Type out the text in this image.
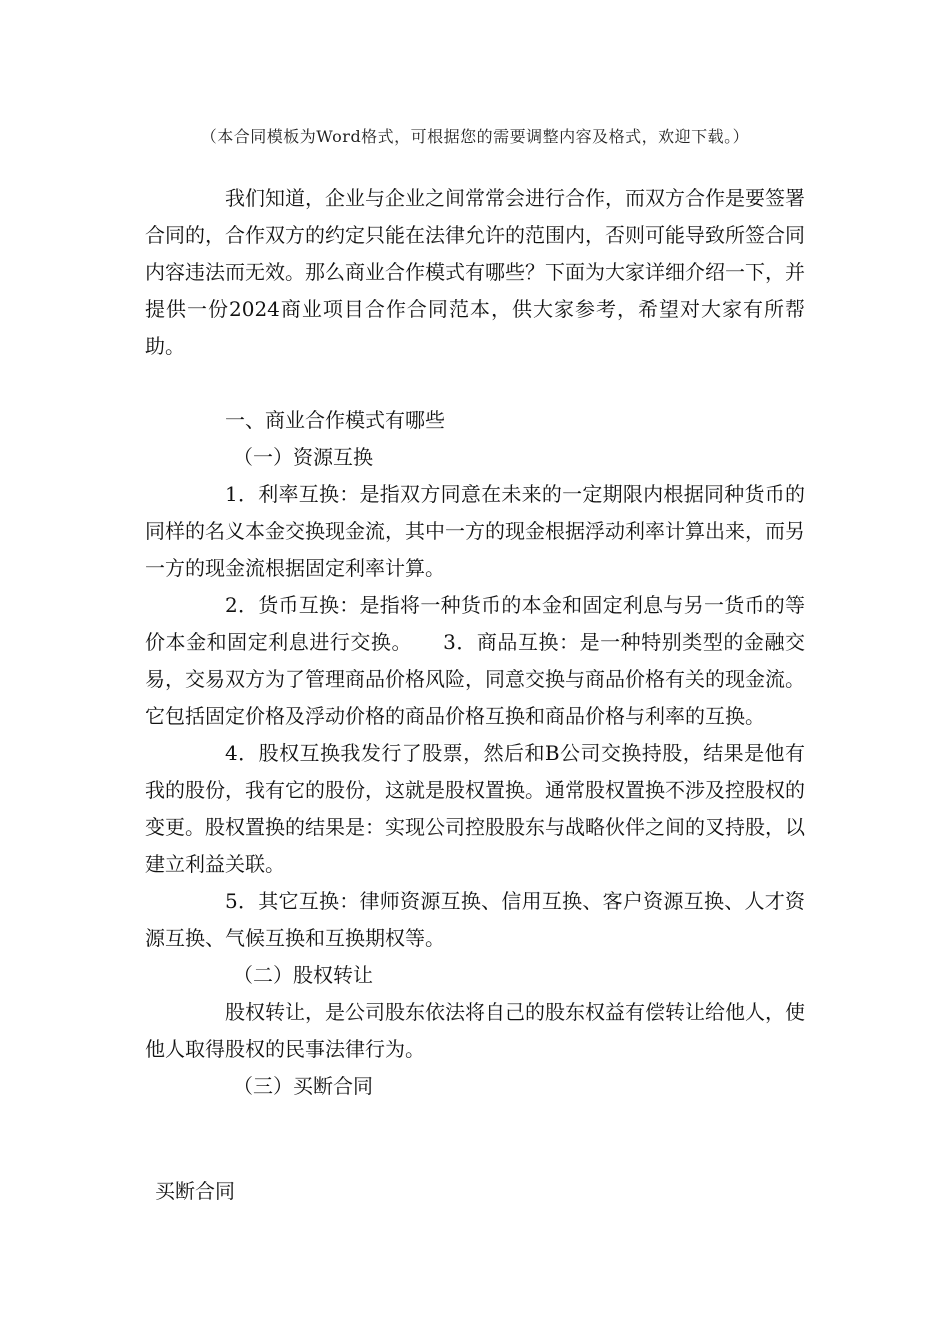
（本合同模板为Word格式，可根据您的需要调整内容及格式，欢迎下载。）

我们知道，企业与企业之间常常会进行合作，而双方合作是要签署合同的，合作双方的约定只能在法律允许的范围内，否则可能导致所签合同内容违法而无效。那么商业合作模式有哪些？下面为大家详细介绍一下，并提供一份2024商业项目合作合同范本，供大家参考，希望对大家有所帮助。

一、商业合作模式有哪些

（一）资源互换

1．利率互换：是指双方同意在未来的一定期限内根据同种货币的同样的名义本金交换现金流，其中一方的现金根据浮动利率计算出来，而另一方的现金流根据固定利率计算。

2．货币互换：是指将一种货币的本金和固定利息与另一货币的等价本金和固定利息进行交换。　　3．商品互换：是一种特别类型的金融交易，交易双方为了管理商品价格风险，同意交换与商品价格有关的现金流。它包括固定价格及浮动价格的商品价格互换和商品价格与利率的互换。

4．股权互换我发行了股票，然后和B公司交换持股，结果是他有我的股份，我有它的股份，这就是股权置换。通常股权置换不涉及控股权的变更。股权置换的结果是：实现公司控股股东与战略伙伴之间的叉持股，以建立利益关联。

5．其它互换：律师资源互换、信用互换、客户资源互换、人才资源互换、气候互换和互换期权等。

（二）股权转让

股权转让，是公司股东依法将自己的股东权益有偿转让给他人，使他人取得股权的民事法律行为。

（三）买断合同

买断合同
